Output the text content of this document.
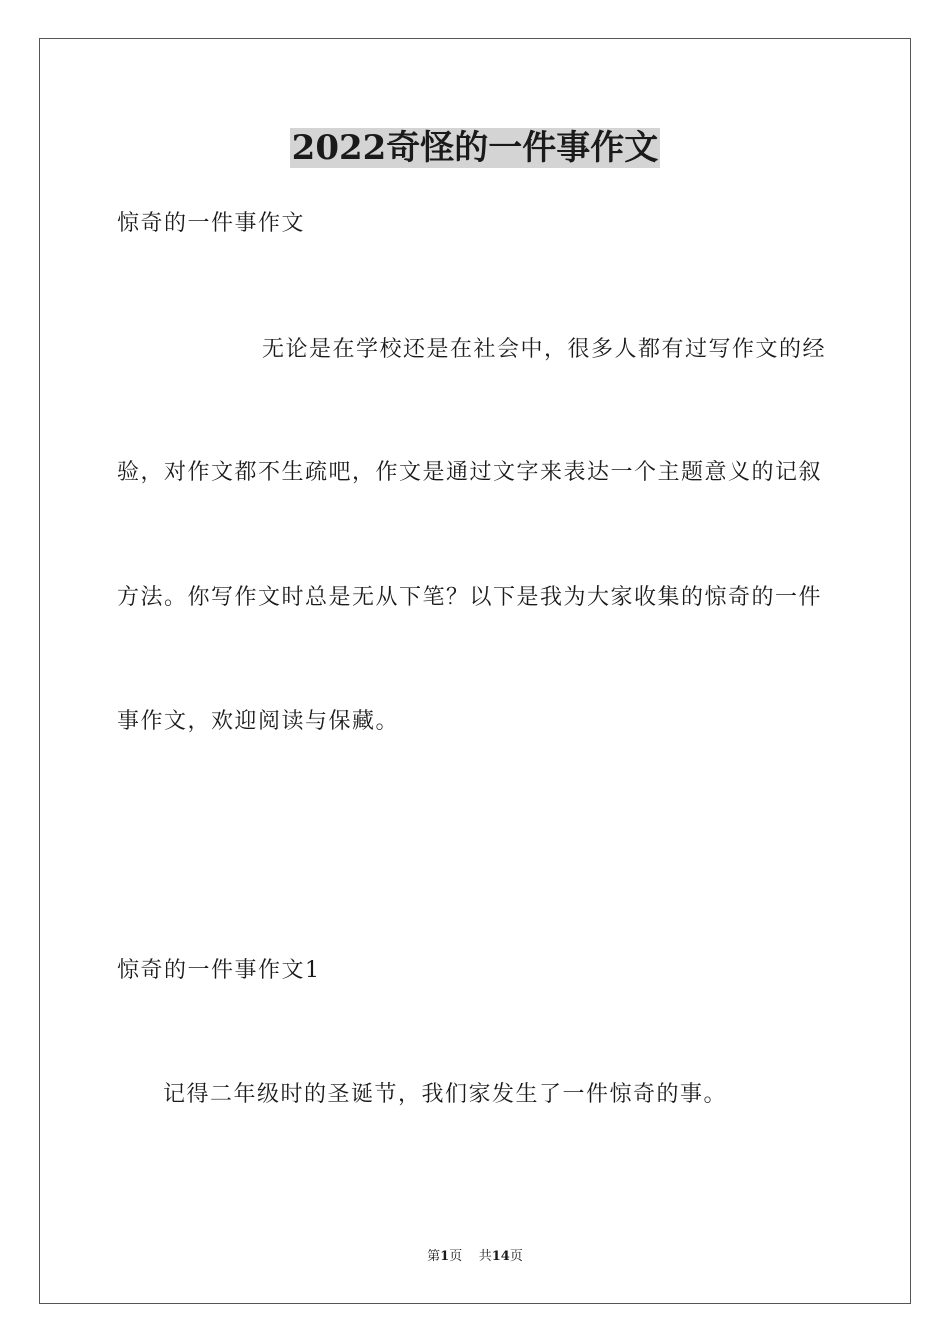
2022奇怪的一件事作文
惊奇的一件事作文
无论是在学校还是在社会中，很多人都有过写作文的经
验，对作文都不生疏吧，作文是通过文字来表达一个主题意义的记叙
方法。你写作文时总是无从下笔？以下是我为大家收集的惊奇的一件
事作文，欢迎阅读与保藏。
惊奇的一件事作文1
记得二年级时的圣诞节，我们家发生了一件惊奇的事。
第1页    共14页
